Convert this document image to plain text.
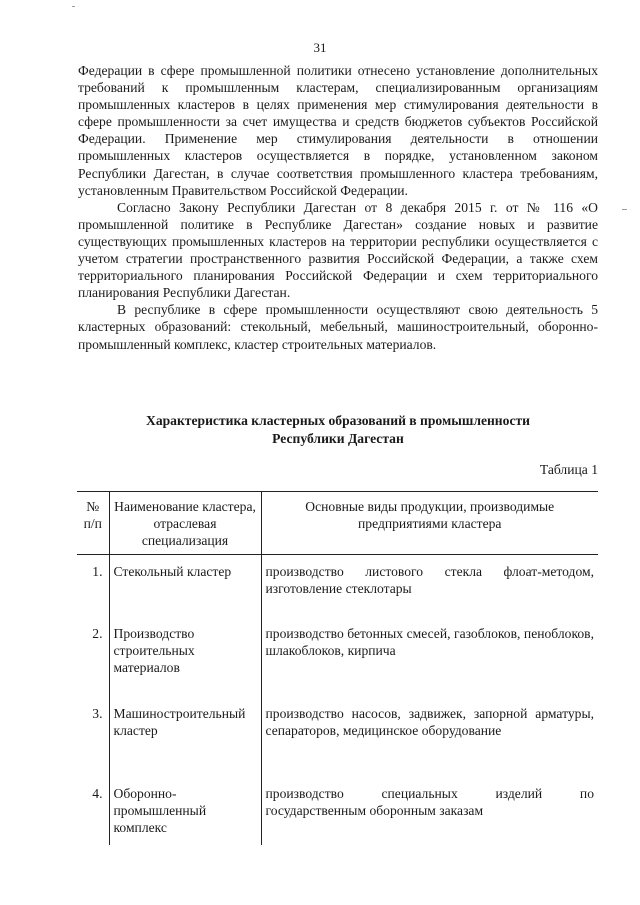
31

Федерации в сфере промышленной политики отнесено установление дополнительных требований к промышленным кластерам, специализированным организациям промышленных кластеров в целях применения мер стимулирования деятельности в сфере промышленности за счет имущества и средств бюджетов субъектов Российской Федерации. Применение мер стимулирования деятельности в отношении промышленных кластеров осуществляется в порядке, установленном законом Республики Дагестан, в случае соответствия промышленного кластера требованиям, установленным Правительством Российской Федерации.

Согласно Закону Республики Дагестан от 8 декабря 2015 г. от № 116 «О промышленной политике в Республике Дагестан» создание новых и развитие существующих промышленных кластеров на территории республики осуществляется с учетом стратегии пространственного развития Российской Федерации, а также схем территориального планирования Российской Федерации и схем территориального планирования Республики Дагестан.

В республике в сфере промышленности осуществляют свою деятельность 5 кластерных образований: стекольный, мебельный, машиностроительный, оборонно-промышленный комплекс, кластер строительных материалов.

Характеристика кластерных образований в промышленности
Республики Дагестан
Таблица 1
№ п/п	Наименование кластера, отраслевая специализация	Основные виды продукции, производимые предприятиями кластера
1.	Стекольный кластер	производство листового стекла флоат-методом, изготовление стеклотары
2.	Производство строительных материалов	производство бетонных смесей, газоблоков, пеноблоков, шлакоблоков, кирпича
3.	Машиностроительный кластер	производство насосов, задвижек, запорной арматуры, сепараторов, медицинское оборудование
4.	Оборонно-промышленный комплекс	производство специальных изделий по государственным оборонным заказам
